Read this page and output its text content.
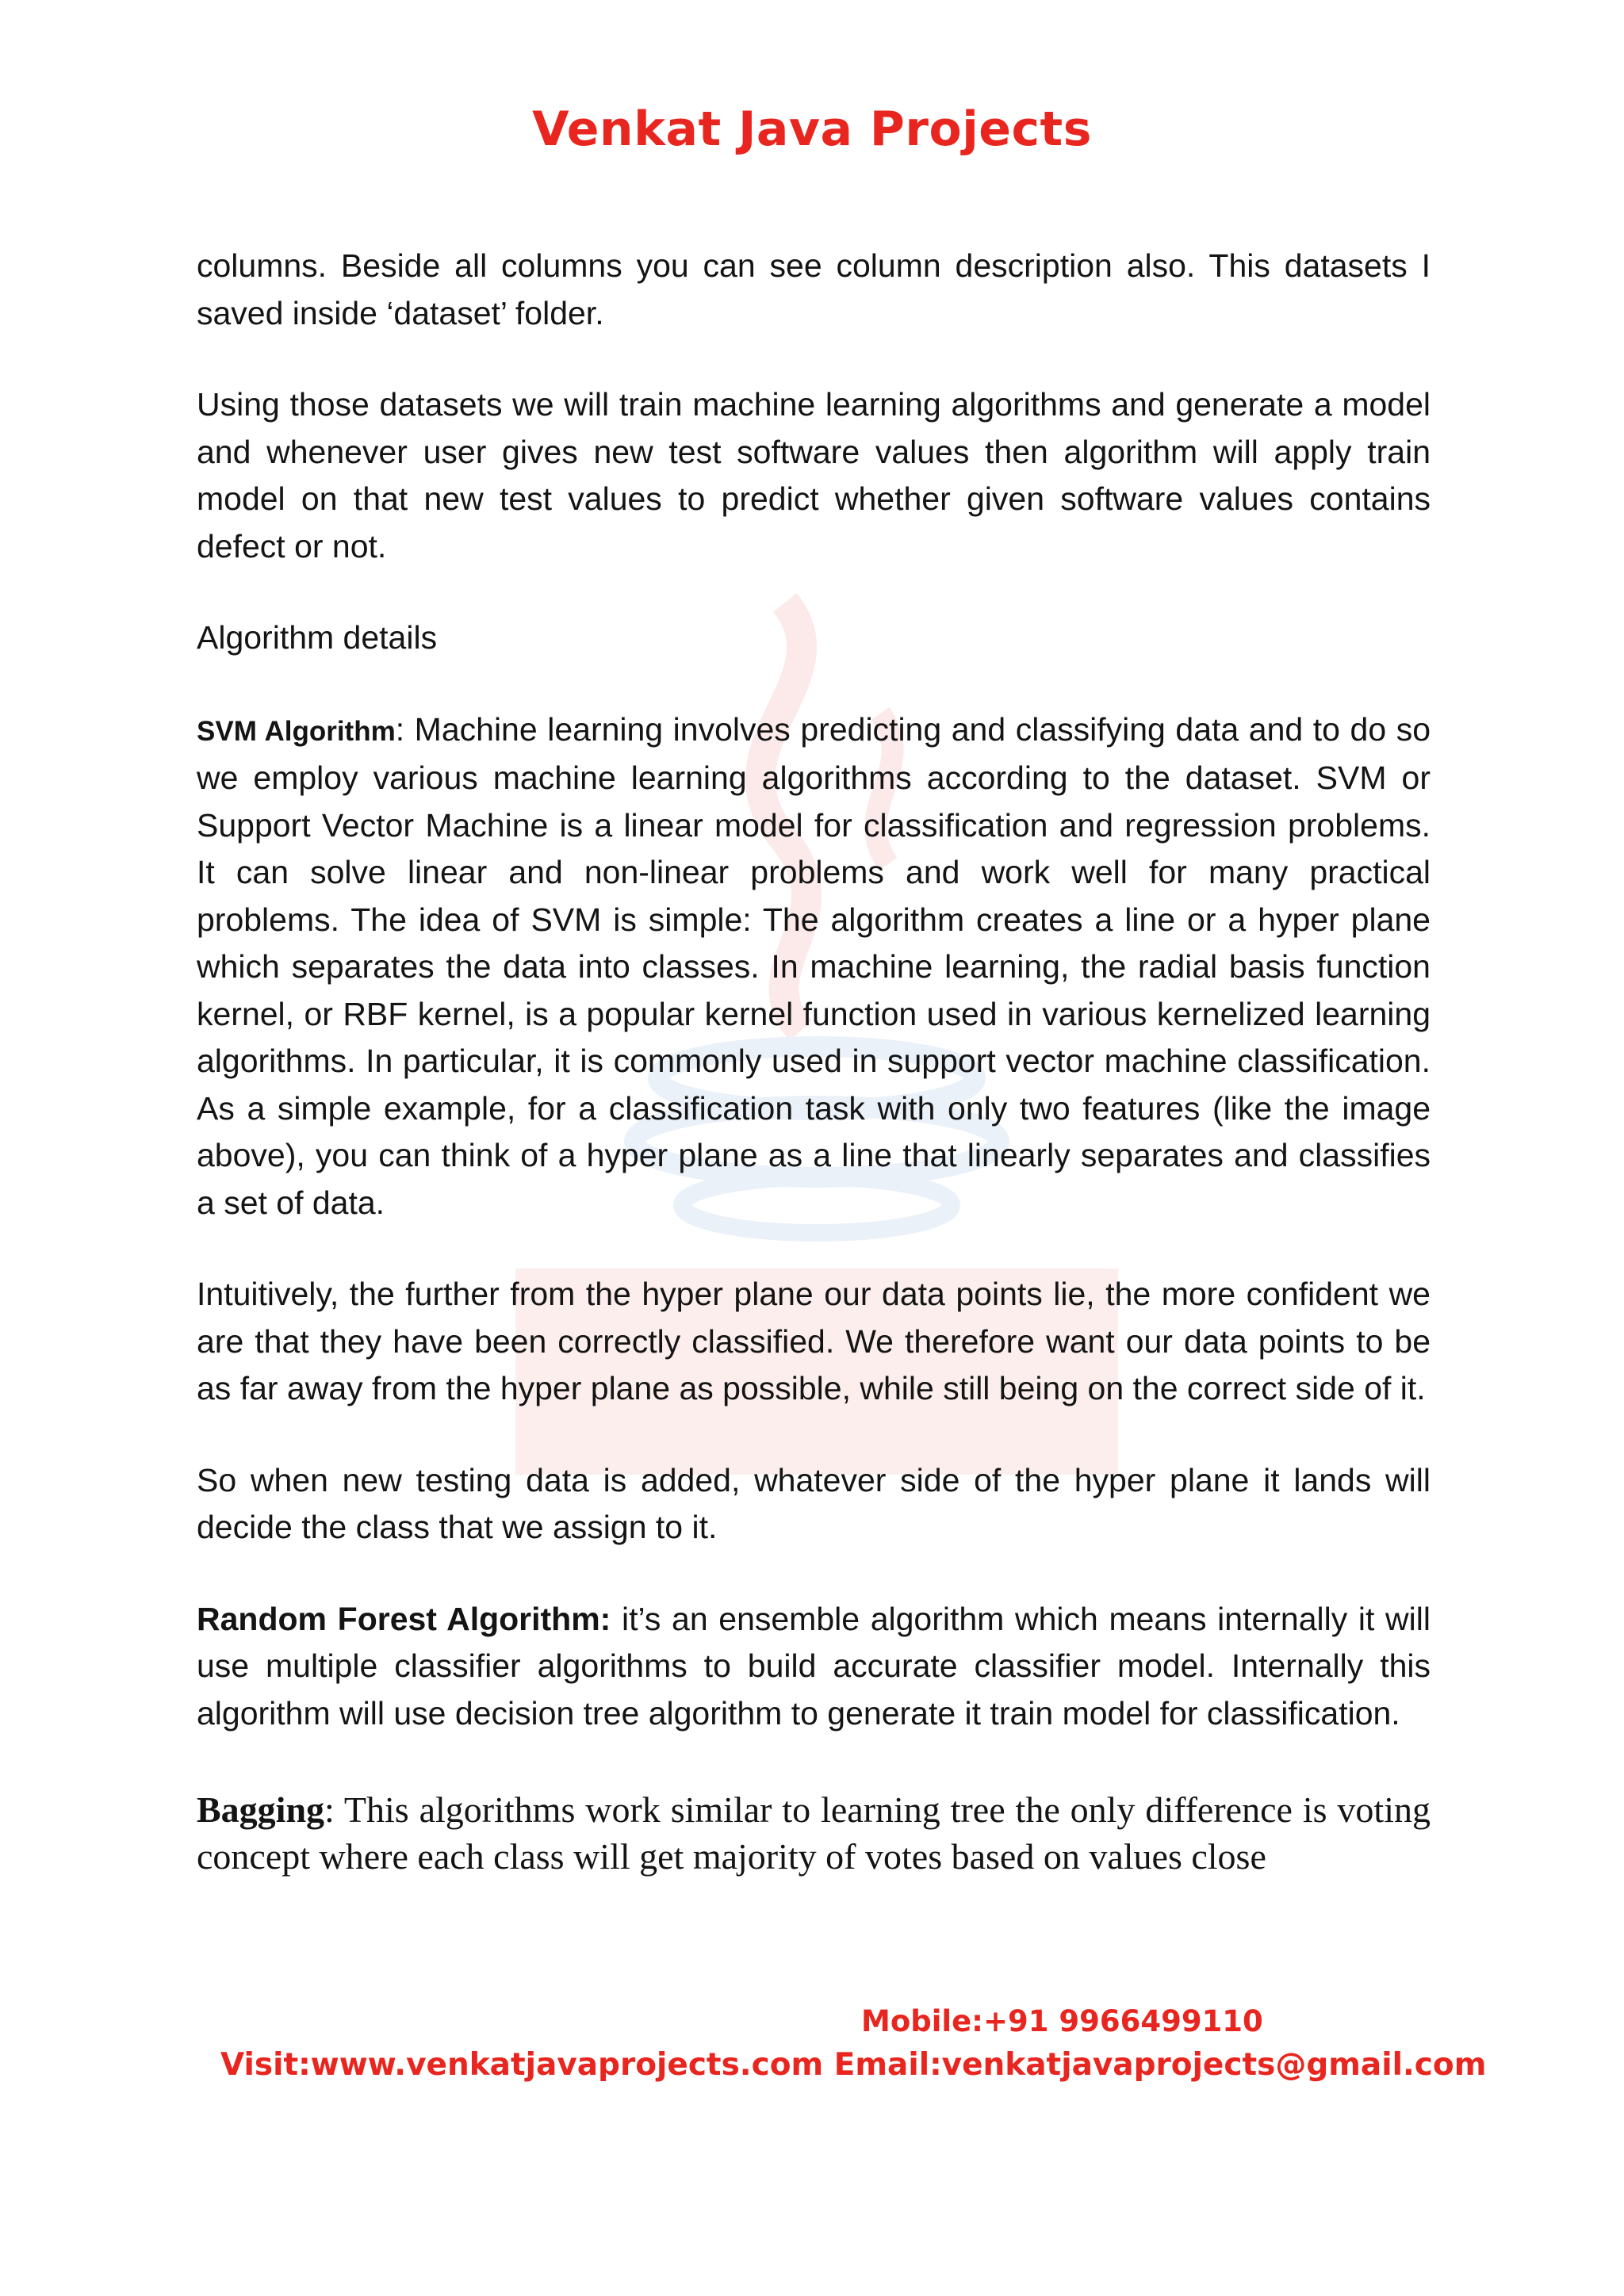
Venkat Java Projects

columns. Beside all columns you can see column description also. This datasets I saved inside ‘dataset’ folder.

Using those datasets we will train machine learning algorithms and generate a model and whenever user gives new test software values then algorithm will apply train model on that new test values to predict whether given software values contains defect or not.

Algorithm details

SVM Algorithm: Machine learning involves predicting and classifying data and to do so we employ various machine learning algorithms according to the dataset. SVM or Support Vector Machine is a linear model for classification and regression problems. It can solve linear and non-linear problems and work well for many practical problems. The idea of SVM is simple: The algorithm creates a line or a hyper plane which separates the data into classes. In machine learning, the radial basis function kernel, or RBF kernel, is a popular kernel function used in various kernelized learning algorithms. In particular, it is commonly used in support vector machine classification. As a simple example, for a classification task with only two features (like the image above), you can think of a hyper plane as a line that linearly separates and classifies a set of data.

Intuitively, the further from the hyper plane our data points lie, the more confident we are that they have been correctly classified. We therefore want our data points to be as far away from the hyper plane as possible, while still being on the correct side of it.

So when new testing data is added, whatever side of the hyper plane it lands will decide the class that we assign to it.

Random Forest Algorithm: it’s an ensemble algorithm which means internally it will use multiple classifier algorithms to build accurate classifier model. Internally this algorithm will use decision tree algorithm to generate it train model for classification.

Bagging: This algorithms work similar to learning tree the only difference is voting concept where each class will get majority of votes based on values close

Mobile:+91 9966499110
Visit:www.venkatjavaprojects.com Email:venkatjavaprojects@gmail.com
